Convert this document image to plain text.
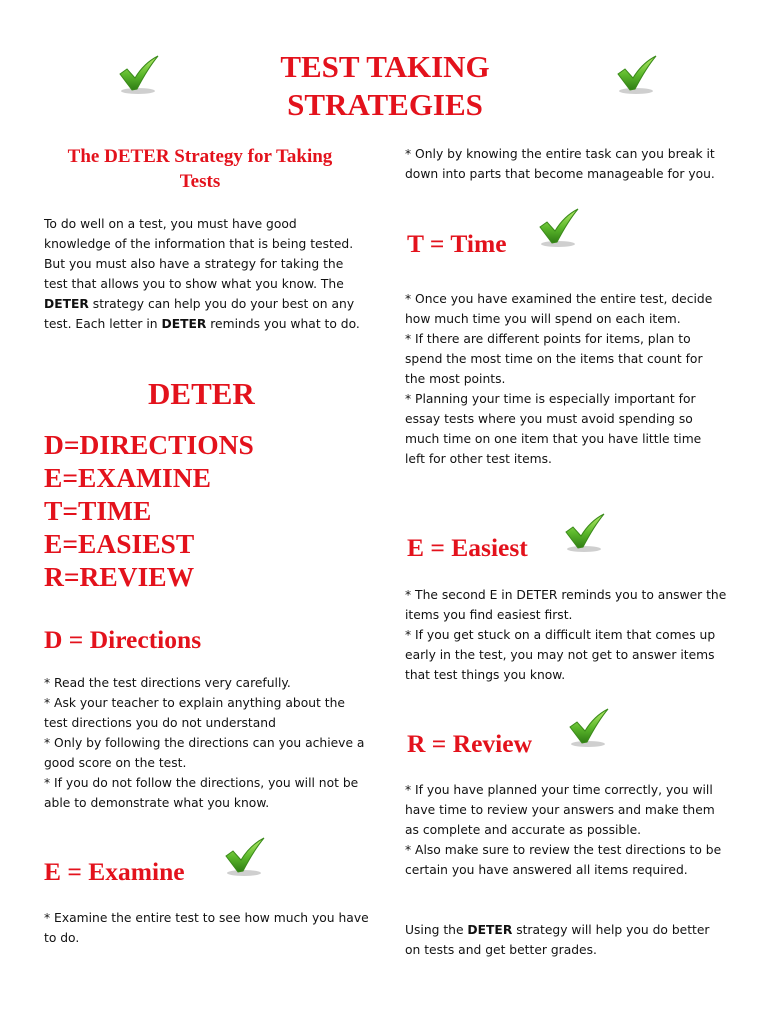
TEST TAKING
STRATEGIES
The DETER Strategy for Taking Tests
To do well on a test, you must have good knowledge of the information that is being tested. But you must also have a strategy for taking the test that allows you to show what you know. The DETER strategy can help you do your best on any test. Each letter in DETER reminds you what to do.
DETER
D=DIRECTIONS
E=EXAMINE
T=TIME
E=EASIEST
R=REVIEW
D = Directions

* Read the test directions very carefully.

* Ask your teacher to explain anything about the test directions you do not understand

* Only by following the directions can you achieve a good score on the test.

* If you do not follow the directions, you will not be able to demonstrate what you know.

E = Examine

* Examine the entire test to see how much you have to do.

* Only by knowing the entire task can you break it down into parts that become manageable for you.

T = Time

* Once you have examined the entire test, decide how much time you will spend on each item.

* If there are different points for items, plan to spend the most time on the items that count for the most points.

* Planning your time is especially important for essay tests where you must avoid spending so much time on one item that you have little time left for other test items.

E = Easiest

* The second E in DETER reminds you to answer the items you find easiest first.

* If you get stuck on a difficult item that comes up early in the test, you may not get to answer items that test things you know.

R = Review

* If you have planned your time correctly, you will have time to review your answers and make them as complete and accurate as possible.

* Also make sure to review the test directions to be certain you have answered all items required.

Using the DETER strategy will help you do better on tests and get better grades.
